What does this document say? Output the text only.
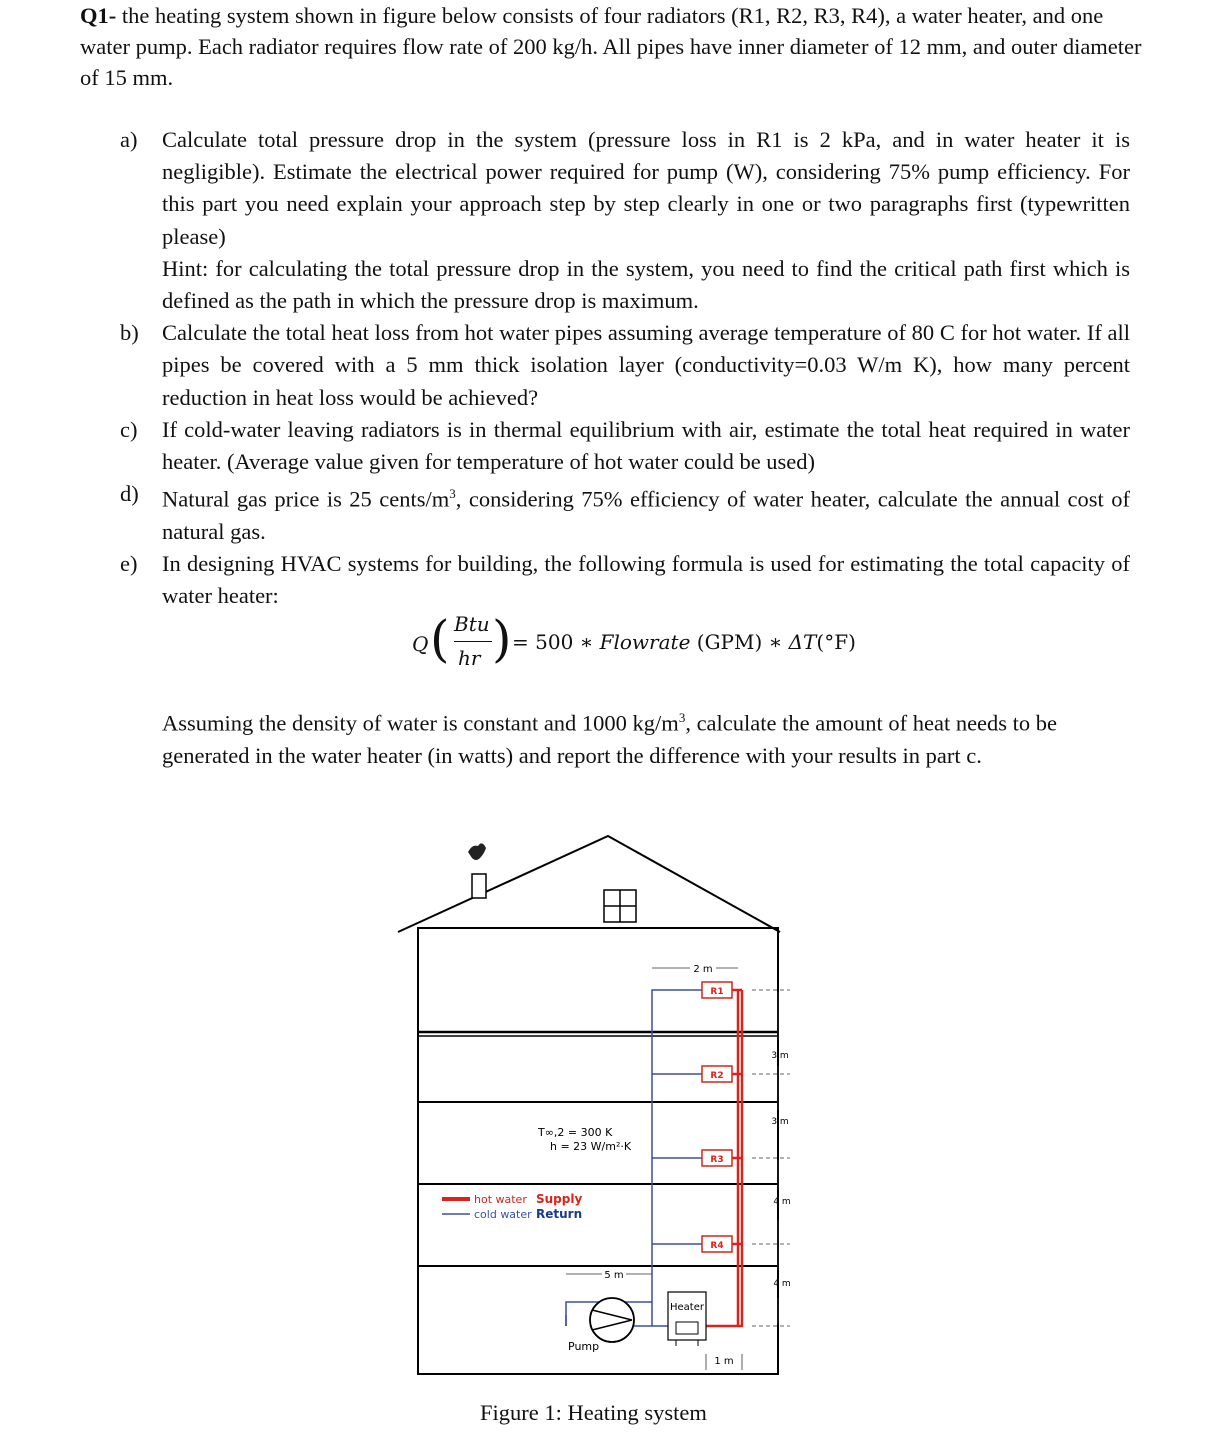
Q1- the heating system shown in figure below consists of four radiators (R1, R2, R3, R4), a water heater, and one water pump. Each radiator requires flow rate of 200 kg/h. All pipes have inner diameter of 12 mm, and outer diameter of 15 mm.
a) Calculate total pressure drop in the system (pressure loss in R1 is 2 kPa, and in water heater it is negligible). Estimate the electrical power required for pump (W), considering 75% pump efficiency. For this part you need explain your approach step by step clearly in one or two paragraphs first (typewritten please)
Hint: for calculating the total pressure drop in the system, you need to find the critical path first which is defined as the path in which the pressure drop is maximum.
b) Calculate the total heat loss from hot water pipes assuming average temperature of 80 C for hot water. If all pipes be covered with a 5 mm thick isolation layer (conductivity=0.03 W/m K), how many percent reduction in heat loss would be achieved?
c) If cold-water leaving radiators is in thermal equilibrium with air, estimate the total heat required in water heater. (Average value given for temperature of hot water could be used)
d) Natural gas price is 25 cents/$m^3$, considering 75% efficiency of water heater, calculate the annual cost of natural gas.
e) In designing HVAC systems for building, the following formula is used for estimating the total capacity of water heater:
Q ( Btu
hr ) = 500 ∗ Flowrate (GPM) ∗ ΔT(°F)
Assuming the density of water is constant and 1000 $kg/m^3$, calculate the amount of heat needs to be generated in the water heater (in watts) and report the difference with your results in part c.
R1
R2
R3
R4
Pump
Heater
2 m
5 m
1 m
3 m
3 m
4 m
4 m
T∞,2 = 300 K
h = 23 W/m²·K
hot water Supply
cold water Return
Figure 1: Heating system
